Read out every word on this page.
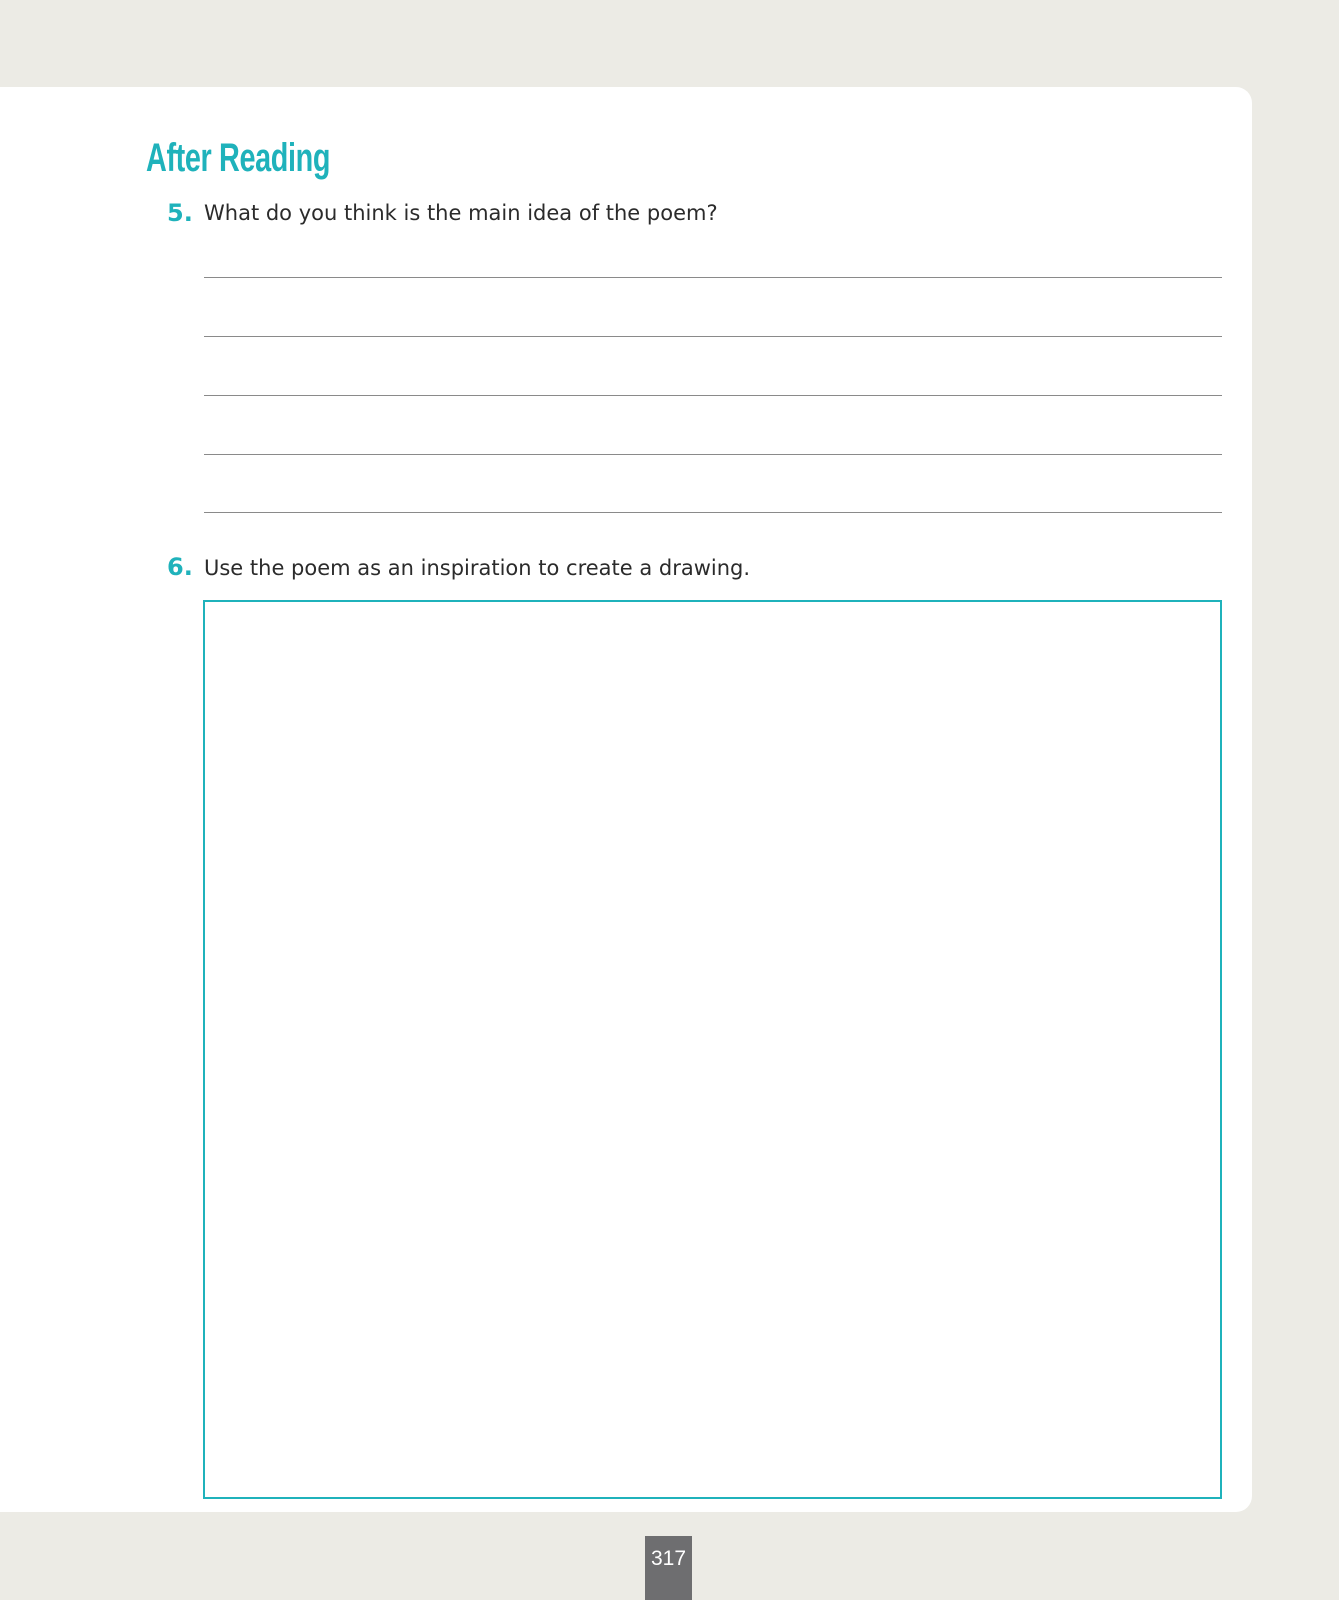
After Reading
5. What do you think is the main idea of the poem?
6. Use the poem as an inspiration to create a drawing.
317
